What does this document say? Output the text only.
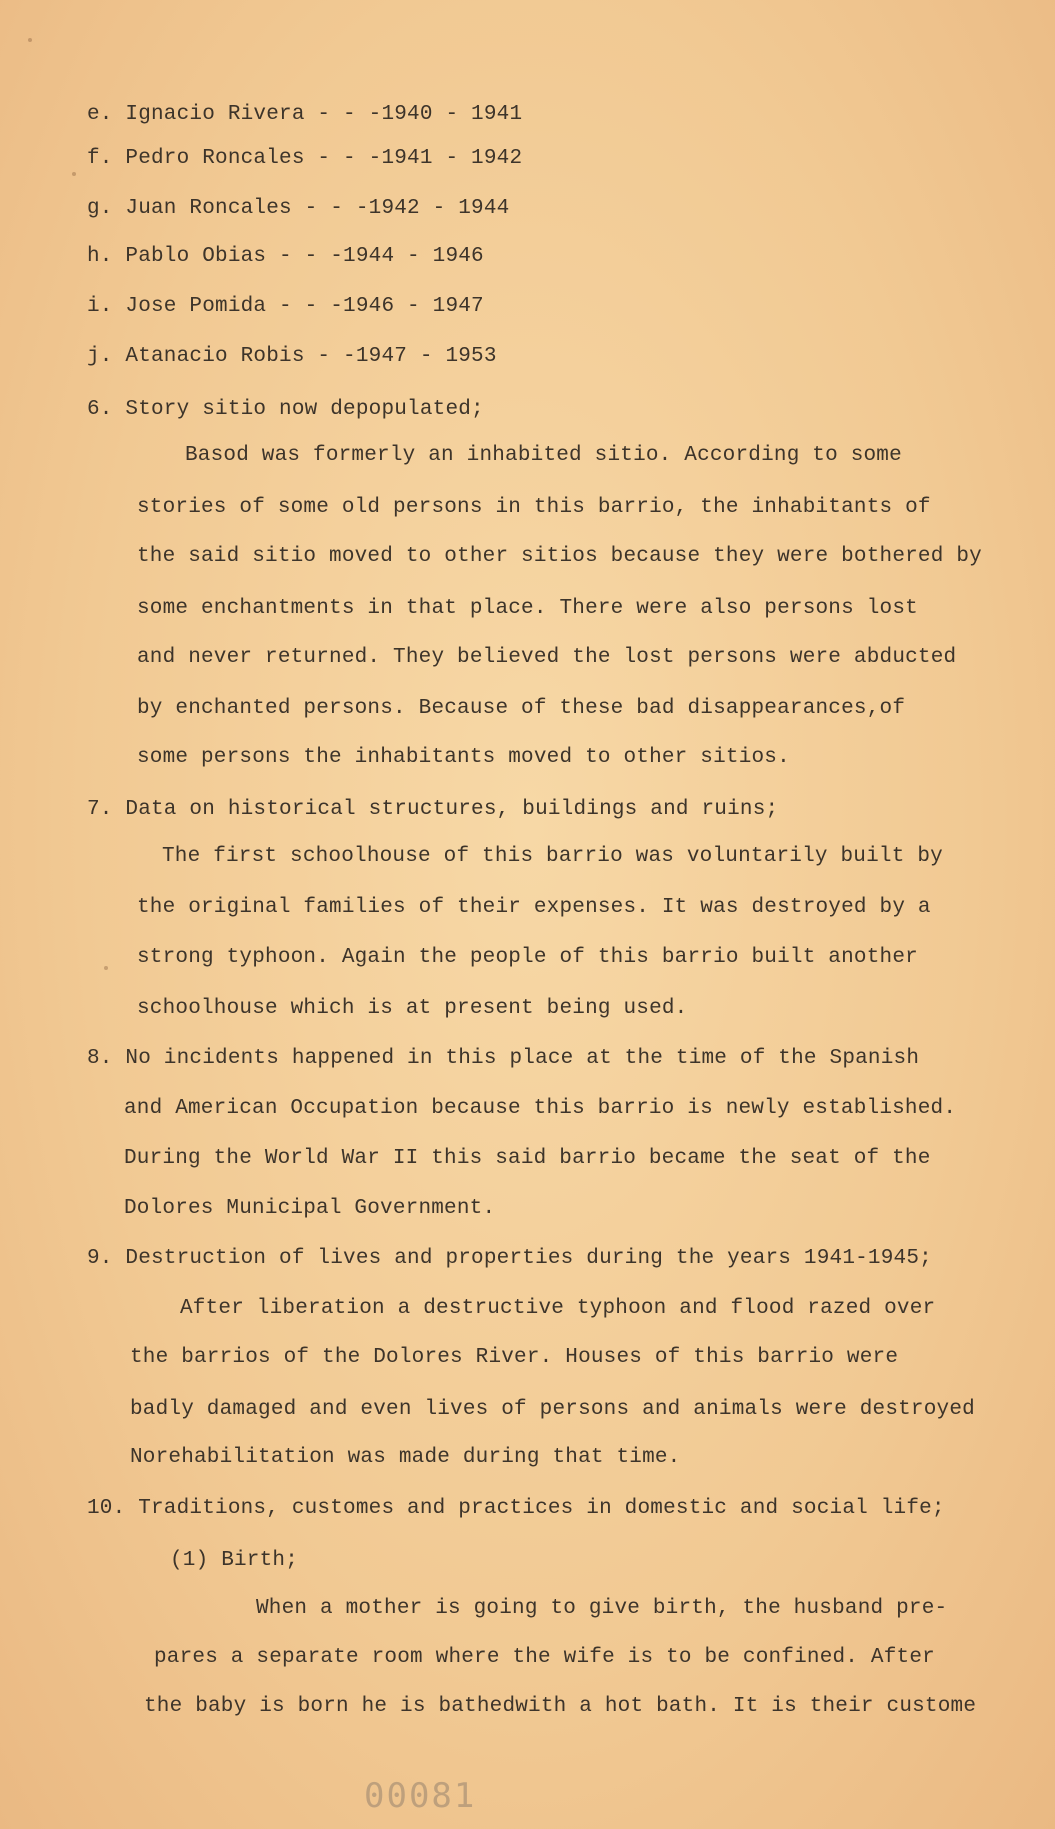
e. Ignacio Rivera - - -1940 - 1941
f. Pedro Roncales - - -1941 - 1942
g. Juan Roncales - - -1942 - 1944
h. Pablo Obias - - -1944 - 1946
i. Jose Pomida - - -1946 - 1947
j. Atanacio Robis - -1947 - 1953
6. Story sitio now depopulated;
Basod was formerly an inhabited sitio. According to some
stories of some old persons in this barrio, the inhabitants of
the said sitio moved to other sitios because they were bothered by
some enchantments in that place. There were also persons lost
and never returned. They believed the lost persons were abducted
by enchanted persons. Because of these bad disappearances,of
some persons the inhabitants moved to other sitios.
7. Data on historical structures, buildings and ruins;
The first schoolhouse of this barrio was voluntarily built by
the original families of their expenses. It was destroyed by a
strong typhoon. Again the people of this barrio built another
schoolhouse which is at present being used.
8. No incidents happened in this place at the time of the Spanish
and American Occupation because this barrio is newly established.
During the World War II this said barrio became the seat of the
Dolores Municipal Government.
9. Destruction of lives and properties during the years 1941-1945;
After liberation a destructive typhoon and flood razed over
the barrios of the Dolores River. Houses of this barrio were
badly damaged and even lives of persons and animals were destroyed
Norehabilitation was made during that time.
10. Traditions, customes and practices in domestic and social life;
(1) Birth;
When a mother is going to give birth, the husband pre-
pares a separate room where the wife is to be confined. After
the baby is born he is bathedwith a hot bath. It is their custome
00081
